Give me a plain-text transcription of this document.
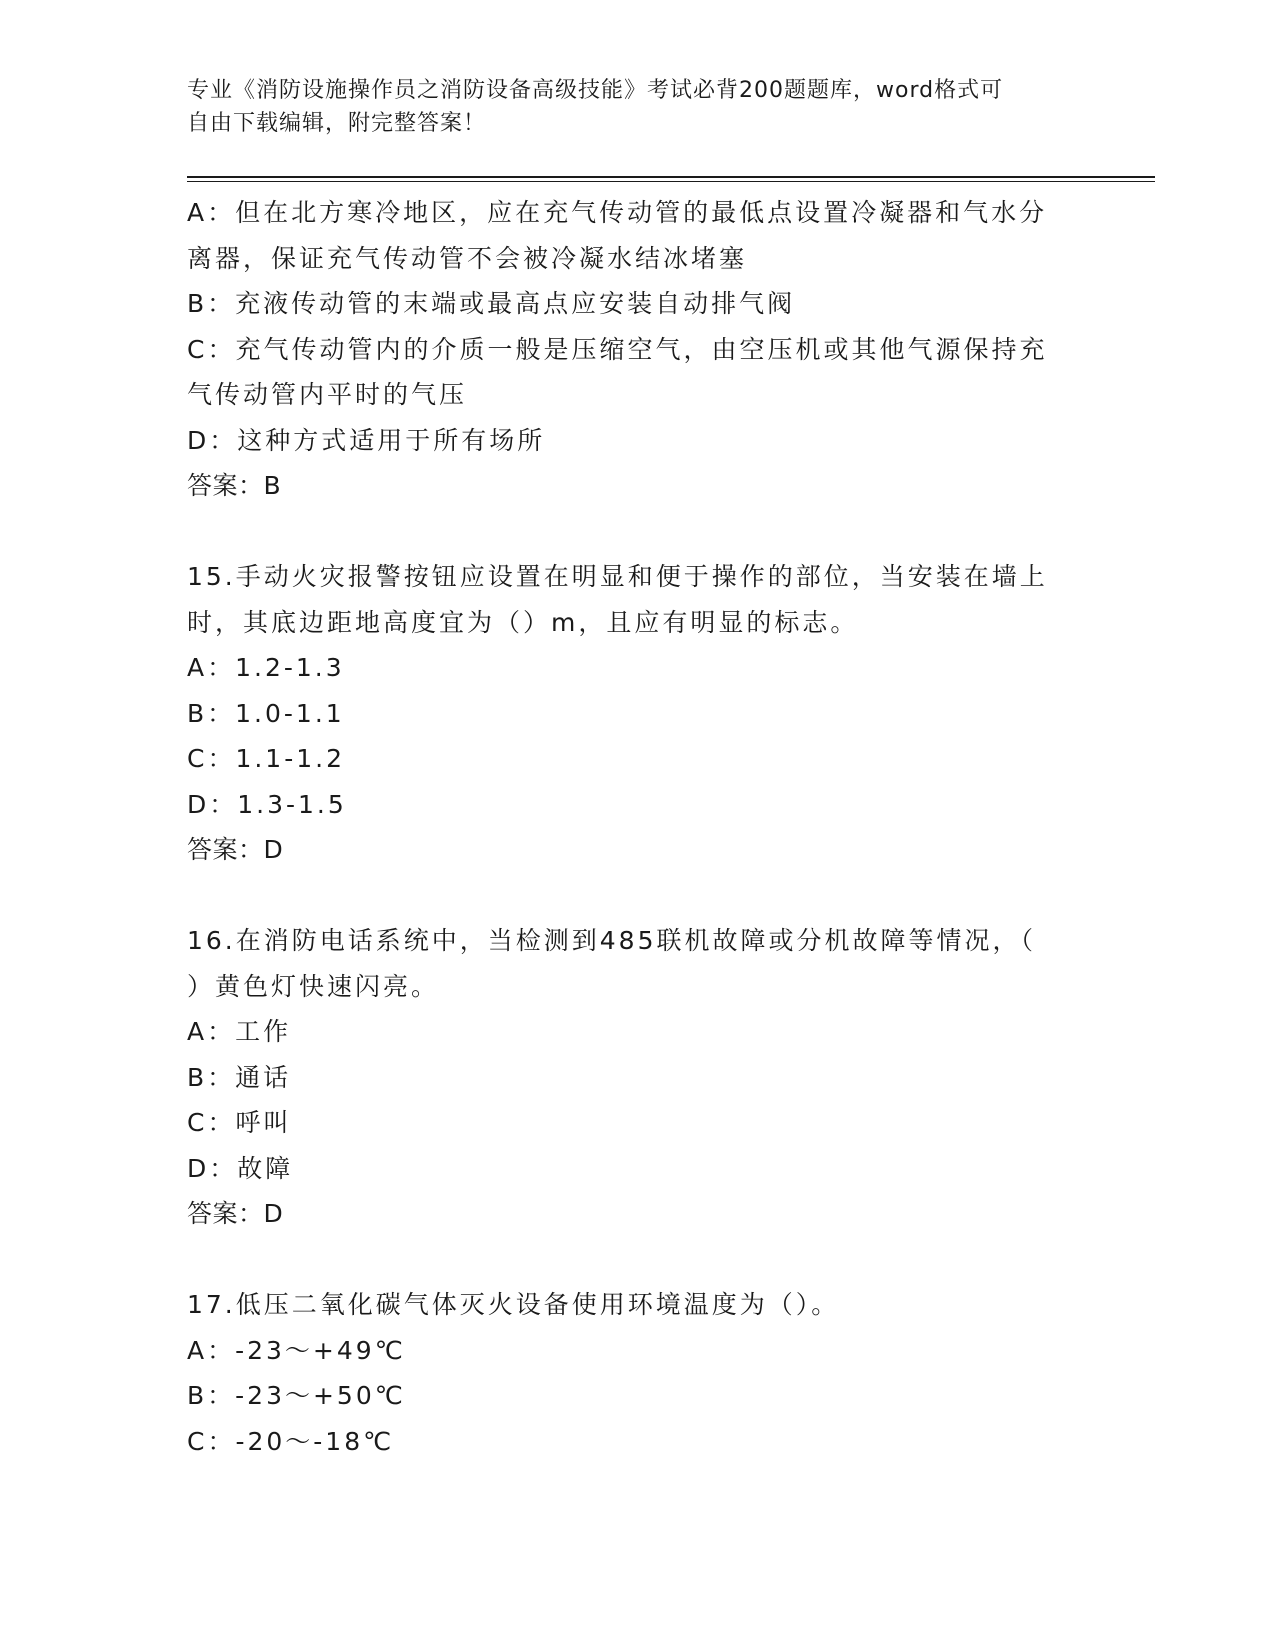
专业《消防设施操作员之消防设备高级技能》考试必背200题题库，word格式可
自由下载编辑，附完整答案！
A：但在北方寒冷地区，应在充气传动管的最低点设置冷凝器和气水分
离器，保证充气传动管不会被冷凝水结冰堵塞
B：充液传动管的末端或最高点应安装自动排气阀
C：充气传动管内的介质一般是压缩空气，由空压机或其他气源保持充
气传动管内平时的气压
D：这种方式适用于所有场所
答案：B
15.手动火灾报警按钮应设置在明显和便于操作的部位，当安装在墙上
时，其底边距地高度宜为（）m，且应有明显的标志。
A：1.2-1.3
B：1.0-1.1
C：1.1-1.2
D：1.3-1.5
答案：D
16.在消防电话系统中，当检测到485联机故障或分机故障等情况，（
）黄色灯快速闪亮。
A：工作
B：通话
C：呼叫
D：故障
答案：D
17.低压二氧化碳气体灭火设备使用环境温度为（）。
A：-23～+49℃
B：-23～+50℃
C：-20～-18℃
